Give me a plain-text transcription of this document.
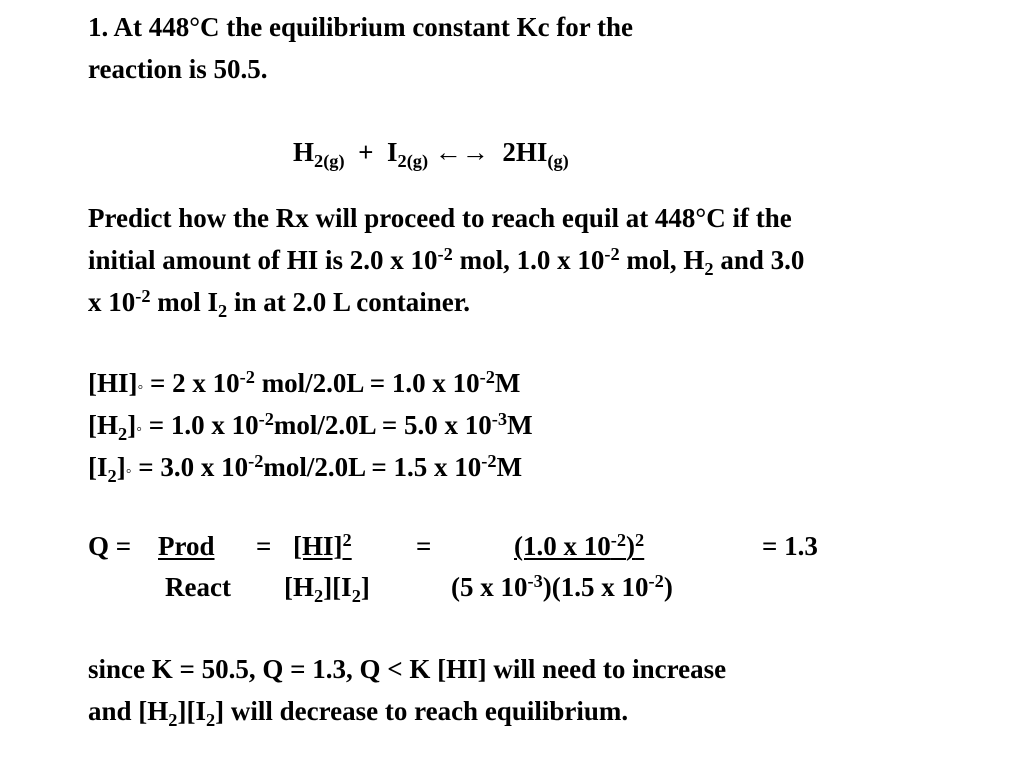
1. At 448°C the equilibrium constant Kc for the
reaction is 50.5.
$H_{2(g)} + I_{2(g)}$ ←→ $2HI_{(g)}$
Predict how the Rx will proceed to reach equil at 448°C if the
initial amount of HI is 2.0 x $10^{-2}$ mol, 1.0 x $10^{-2}$ mol, $H_2$ and 3.0
x $10^{-2}$ mol $I_2$ in at 2.0 L container.
[HI]◦ = 2 x $10^{-2}$ mol/2.0L = 1.0 x $10^{-2}M$
$[H_2]◦ = 1.0$ x $10^{-2}mol/2.0L = 5.0$ x $10^{-3}M$
$[I_2]◦ = 3.0$ x $10^{-2}mol/2.0L = 1.5$ x $10^{-2}M$
Q = Prod = [HI]$^2$ =	(1.0 x $10^{-2})^2$	= 1.3
React $[H_2][I_2]$	(5 x $10^{-3})(1.5$ x $10^{-2}$)
since K = 50.5, Q = 1.3, Q < K [HI] will need to increase
and $[H_2][I_2]$ will decrease to reach equilibrium.
